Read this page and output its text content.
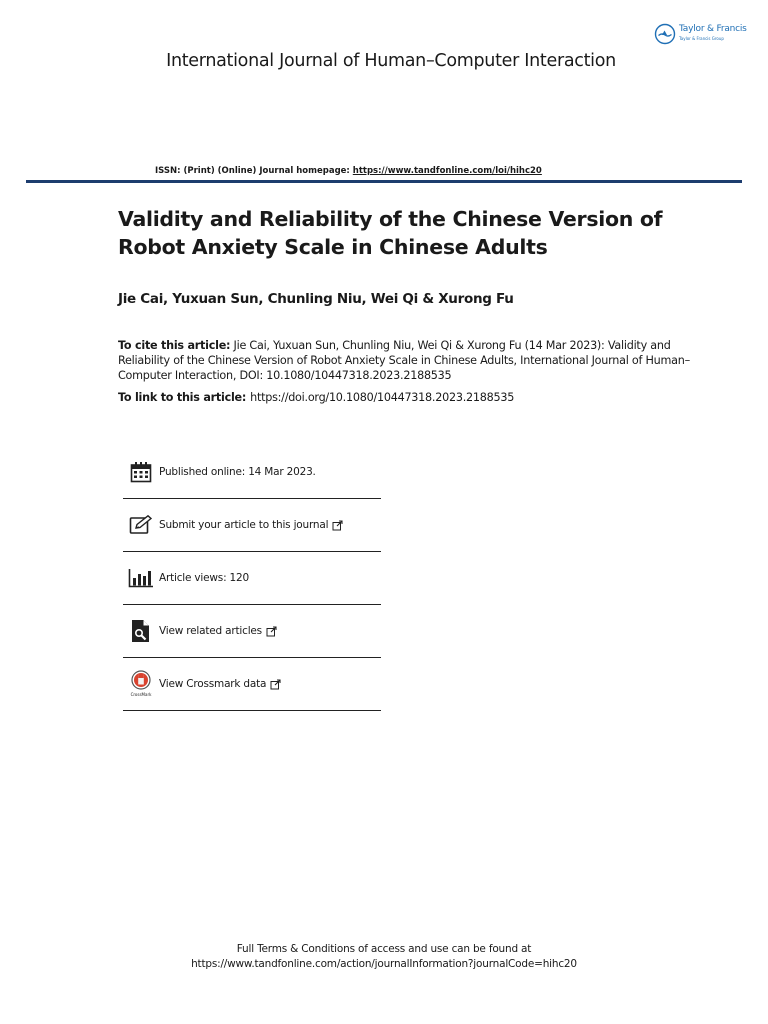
Taylor & Francis
Taylor & Francis Group
International Journal of Human–Computer Interaction
ISSN: (Print) (Online) Journal homepage: https://www.tandfonline.com/loi/hihc20
Validity and Reliability of the Chinese Version of Robot Anxiety Scale in Chinese Adults
Jie Cai, Yuxuan Sun, Chunling Niu, Wei Qi & Xurong Fu
To cite this article: Jie Cai, Yuxuan Sun, Chunling Niu, Wei Qi & Xurong Fu (14 Mar 2023): Validity and Reliability of the Chinese Version of Robot Anxiety Scale in Chinese Adults, International Journal of Human–Computer Interaction, DOI: 10.1080/10447318.2023.2188535
To link to this article: https://doi.org/10.1080/10447318.2023.2188535
Published online: 14 Mar 2023.
Submit your article to this journal
Article views: 120
View related articles
CrossMark
View Crossmark data
Full Terms & Conditions of access and use can be found at
https://www.tandfonline.com/action/journalInformation?journalCode=hihc20
